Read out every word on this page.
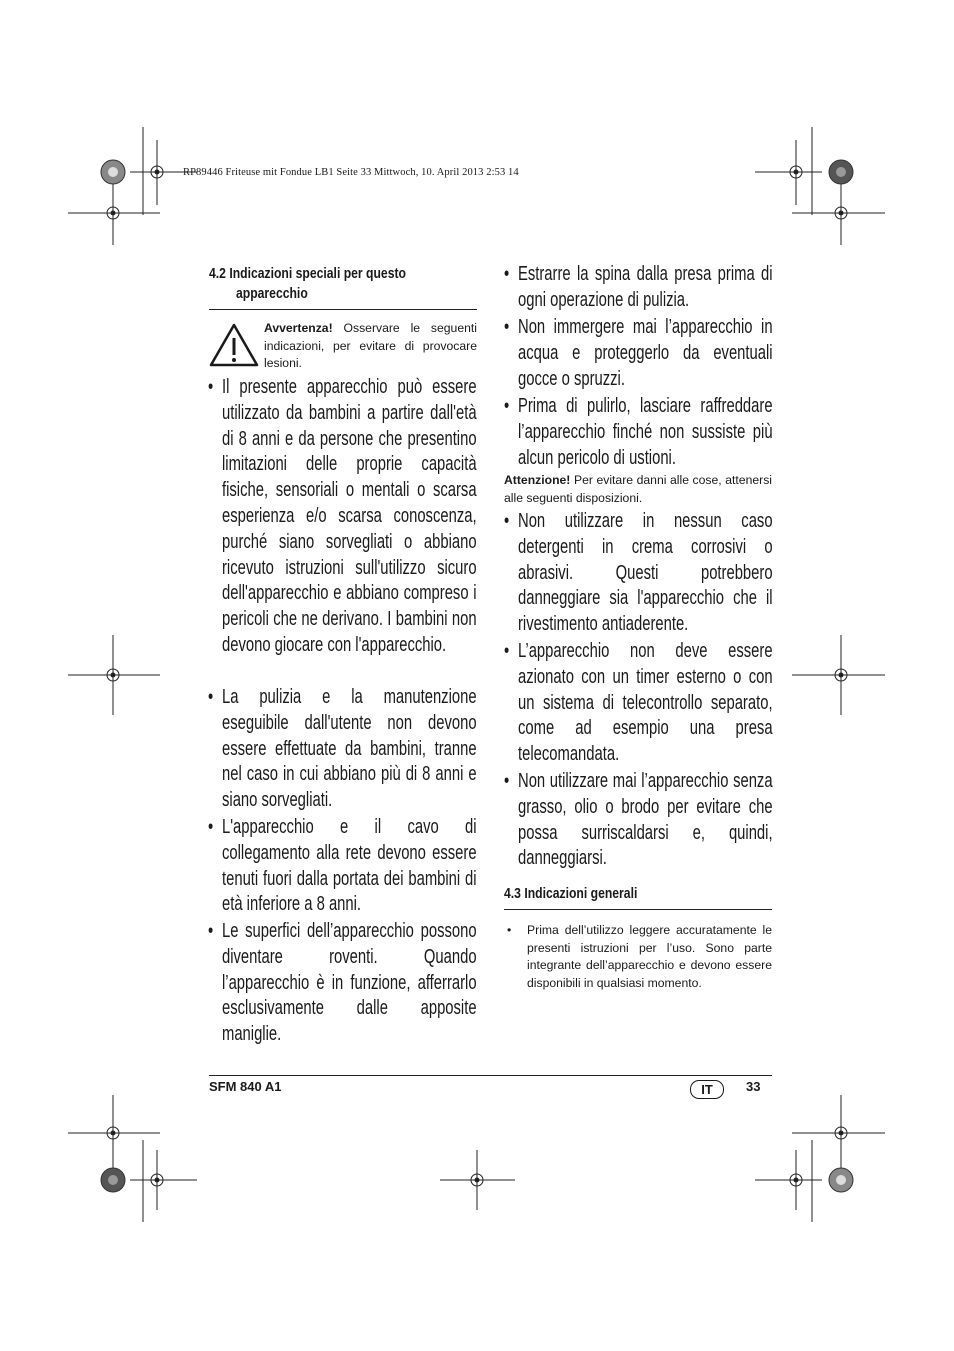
RP89446 Friteuse mit Fondue LB1 Seite 33 Mittwoch, 10. April 2013 2:53 14
4.2 Indicazioni speciali per questo
apparecchio
Avvertenza! Osservare le seguenti indicazioni, per evitare di provocare lesioni.
• Il presente apparecchio può essere utilizzato da bambini a partire dall'età di 8 anni e da persone che presentino limitazioni delle proprie capacità fisiche, sensoriali o mentali o scarsa esperienza e/o scarsa conoscenza, purché siano sorvegliati o abbiano ricevuto istruzioni sull'utilizzo sicuro dell'apparecchio e abbiano compreso i pericoli che ne derivano. I bambini non devono giocare con l'apparecchio.
• La pulizia e la manutenzione eseguibile dall'utente non devono essere effettuate da bambini, tranne nel caso in cui abbiano più di 8 anni e siano sorvegliati.
• L'apparecchio e il cavo di collegamento alla rete devono essere tenuti fuori dalla portata dei bambini di età inferiore a 8 anni.
• Le superfici dell’apparecchio possono diventare roventi. Quando l’apparecchio è in funzione, afferrarlo esclusivamente dalle apposite maniglie.
• Estrarre la spina dalla presa prima di ogni operazione di pulizia.
• Non immergere mai l’apparecchio in acqua e proteggerlo da eventuali gocce o spruzzi.
• Prima di pulirlo, lasciare raffreddare l’apparecchio finché non sussiste più alcun pericolo di ustioni.
Attenzione! Per evitare danni alle cose, attenersi alle seguenti disposizioni.
• Non utilizzare in nessun caso detergenti in crema corrosivi o abrasivi. Questi potrebbero danneggiare sia l'apparecchio che il rivestimento antiaderente.
• L’apparecchio non deve essere azionato con un timer esterno o con un sistema di telecontrollo separato, come ad esempio una presa telecomandata.
• Non utilizzare mai l’apparecchio senza grasso, olio o brodo per evitare che possa surriscaldarsi e, quindi, danneggiarsi.
4.3 Indicazioni generali
• Prima dell’utilizzo leggere accuratamente le presenti istruzioni per l’uso. Sono parte integrante dell’apparecchio e devono essere disponibili in qualsiasi momento.
SFM 840 A1	IT	33
